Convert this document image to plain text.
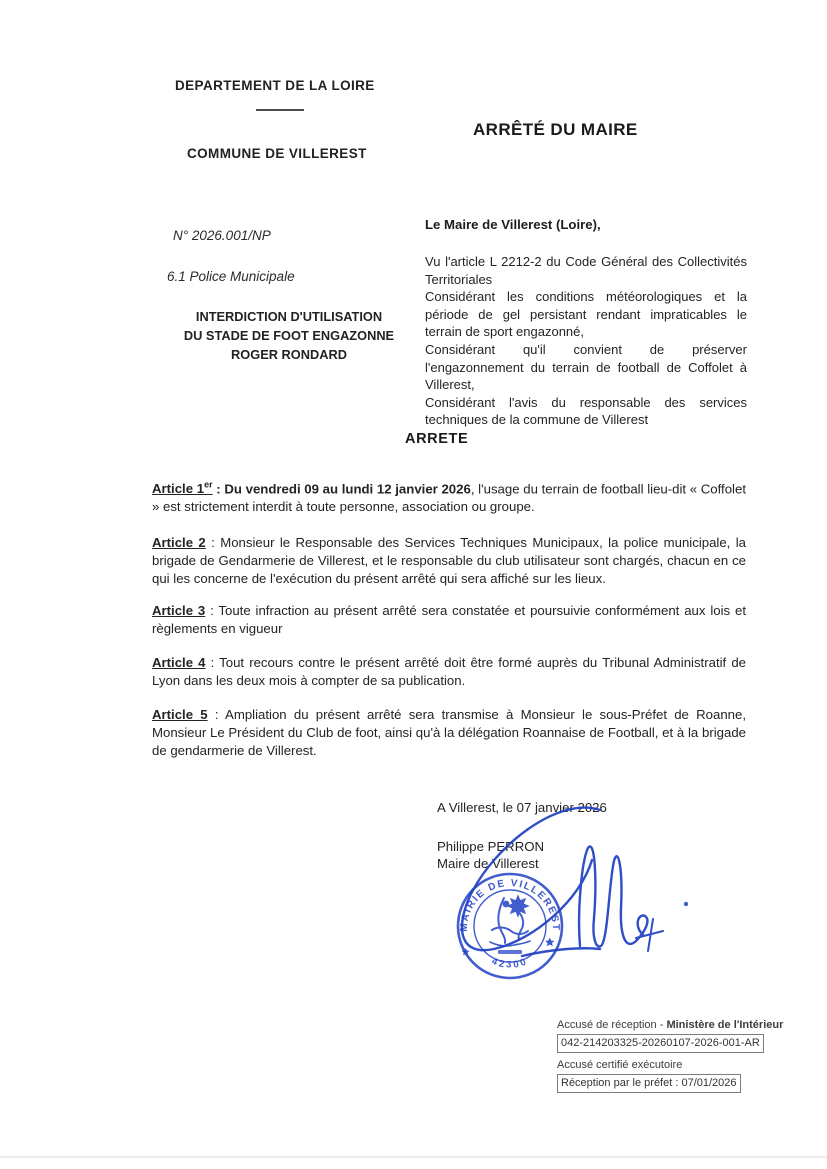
DEPARTEMENT DE LA LOIRE
ARRÊTÉ DU MAIRE
COMMUNE DE VILLEREST
N° 2026.001/NP
6.1 Police Municipale
INTERDICTION D'UTILISATION
DU STADE DE FOOT ENGAZONNE
ROGER RONDARD
Le Maire de Villerest (Loire),

Vu l'article L 2212-2 du Code Général des Collectivités Territoriales

Considérant les conditions météorologiques et la période de gel persistant rendant impraticables le terrain de sport engazonné,

Considérant qu'il convient de préserver l'engazonnement du terrain de football de Coffolet à Villerest,

Considérant l'avis du responsable des services techniques de la commune de Villerest

ARRETE

Article 1er : Du vendredi 09 au lundi 12 janvier 2026, l'usage du terrain de football lieu-dit « Coffolet » est strictement interdit à toute personne, association ou groupe.

Article 2 : Monsieur le Responsable des Services Techniques Municipaux, la police municipale, la brigade de Gendarmerie de Villerest, et le responsable du club utilisateur sont chargés, chacun en ce qui les concerne de l'exécution du présent arrêté qui sera affiché sur les lieux.

Article 3 : Toute infraction au présent arrêté sera constatée et poursuivie conformément aux lois et règlements en vigueur

Article 4 : Tout recours contre le présent arrêté doit être formé auprès du Tribunal Administratif de Lyon dans les deux mois à compter de sa publication.

Article 5 : Ampliation du présent arrêté sera transmise à Monsieur le sous-Préfet de Roanne, Monsieur Le Président du Club de foot, ainsi qu'à la délégation Roannaise de Football, et à la brigade de gendarmerie de Villerest.

A Villerest, le 07 janvier 2026
Philippe PERRON
Maire de Villerest
MAIRIE DE VILLEREST
42300
Accusé de réception - Ministère de l'Intérieur
042-214203325-20260107-2026-001-AR
Accusé certifié exécutoire
Réception par le préfet : 07/01/2026
